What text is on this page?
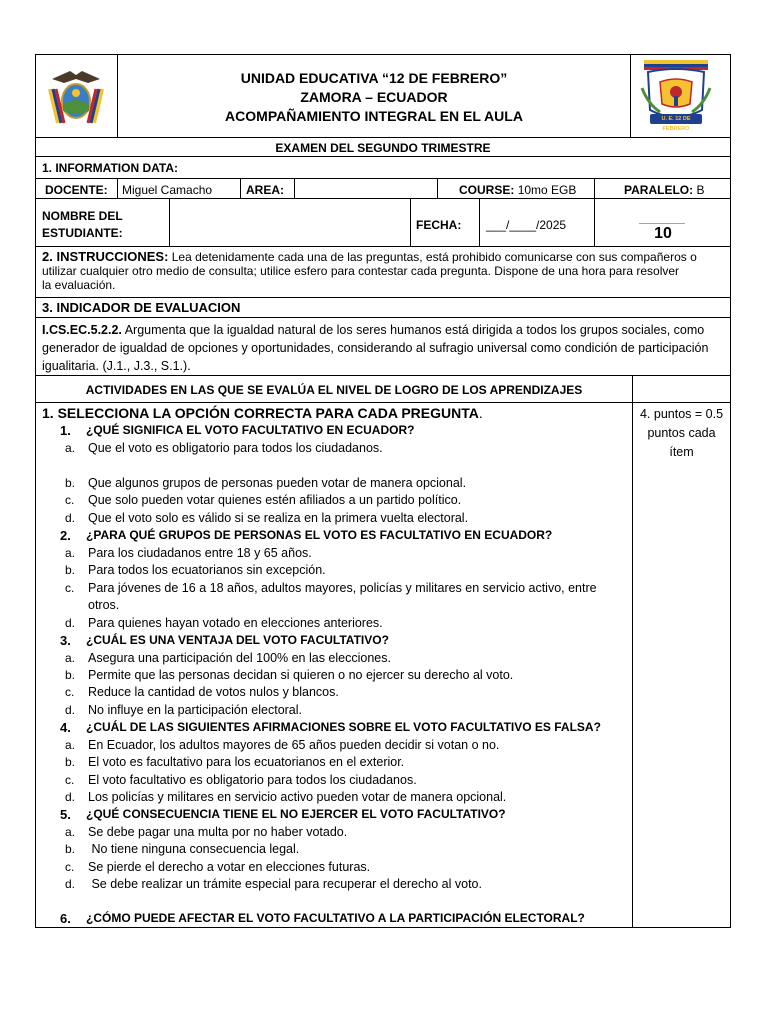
UNIDAD EDUCATIVA “12 DE FEBRERO”
ZAMORA – ECUADOR
ACOMPAÑAMIENTO INTEGRAL EN EL AULA	U. E. 12 DE FEBRERO
EXAMEN DEL SEGUNDO TRIMESTRE
1. INFORMATION DATA:
DOCENTE: Miguel Camacho	AREA:	COURSE: 10mo EGB	PARALELO: B
NOMBRE DEL
ESTUDIANTE:
FECHA: ___/____/2025	10
2. INSTRUCCIONES: Lea detenidamente cada una de las preguntas, está prohibido comunicarse con sus compañeros o
utilizar cualquier otro medio de consulta; utilice esfero para contestar cada pregunta. Dispone de una hora para resolver
la evaluación.
3. INDICADOR DE EVALUACION
I.CS.EC.5.2.2. Argumenta que la igualdad natural de los seres humanos está dirigida a todos los grupos sociales, como
generador de igualdad de opciones y oportunidades, considerando al sufragio universal como condición de participación
igualitaria. (J.1., J.3., S.1.).
ACTIVIDADES EN LAS QUE SE EVALÚA EL NIVEL DE LOGRO DE LOS APRENDIZAJES
4. puntos = 0.5
puntos cada
ítem
1. SELECCIONA LA OPCIÓN CORRECTA PARA CADA PREGUNTA.
1. ¿QUÉ SIGNIFICA EL VOTO FACULTATIVO EN ECUADOR?
a. Que el voto es obligatorio para todos los ciudadanos.
b. Que algunos grupos de personas pueden votar de manera opcional.
c. Que solo pueden votar quienes estén afiliados a un partido político.
d. Que el voto solo es válido si se realiza en la primera vuelta electoral.
2. ¿PARA QUÉ GRUPOS DE PERSONAS EL VOTO ES FACULTATIVO EN ECUADOR?
a. Para los ciudadanos entre 18 y 65 años.
b. Para todos los ecuatorianos sin excepción.
c. Para jóvenes de 16 a 18 años, adultos mayores, policías y militares en servicio activo, entre
otros.
d. Para quienes hayan votado en elecciones anteriores.
3. ¿CUÁL ES UNA VENTAJA DEL VOTO FACULTATIVO?
a. Asegura una participación del 100% en las elecciones.
b. Permite que las personas decidan si quieren o no ejercer su derecho al voto.
c. Reduce la cantidad de votos nulos y blancos.
d. No influye en la participación electoral.
4. ¿CUÁL DE LAS SIGUIENTES AFIRMACIONES SOBRE EL VOTO FACULTATIVO ES FALSA?
a. En Ecuador, los adultos mayores de 65 años pueden decidir si votan o no.
b. El voto es facultativo para los ecuatorianos en el exterior.
c. El voto facultativo es obligatorio para todos los ciudadanos.
d. Los policías y militares en servicio activo pueden votar de manera opcional.
5. ¿QUÉ CONSECUENCIA TIENE EL NO EJERCER EL VOTO FACULTATIVO?
a. Se debe pagar una multa por no haber votado.
b. No tiene ninguna consecuencia legal.
c. Se pierde el derecho a votar en elecciones futuras.
d. Se debe realizar un trámite especial para recuperar el derecho al voto.
6. ¿CÓMO PUEDE AFECTAR EL VOTO FACULTATIVO A LA PARTICIPACIÓN ELECTORAL?
